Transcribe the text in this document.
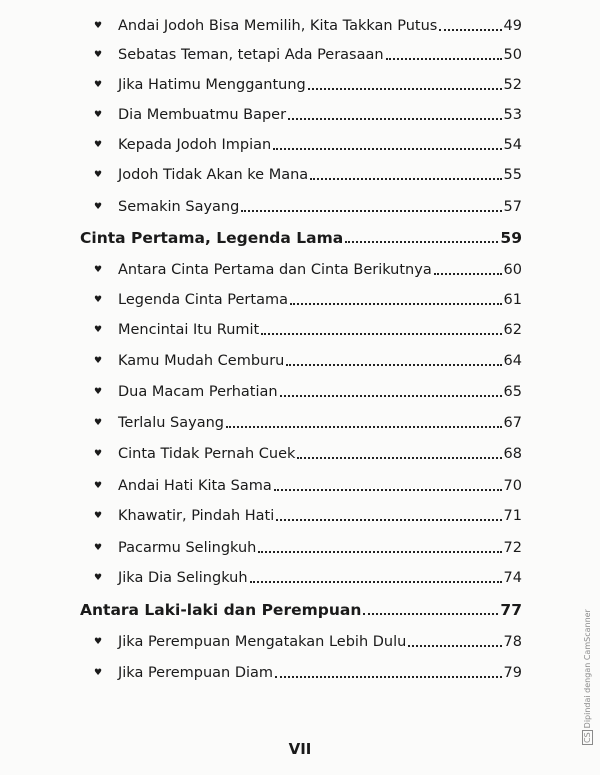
♥	Andai Jodoh Bisa Memilih, Kita Takkan Putus	49
♥	Sebatas Teman, tetapi Ada Perasaan	50
♥	Jika Hatimu Menggantung	52
♥	Dia Membuatmu Baper	53
♥	Kepada Jodoh Impian	54
♥	Jodoh Tidak Akan ke Mana	55
♥	Semakin Sayang	57
Cinta Pertama, Legenda Lama	59
♥	Antara Cinta Pertama dan Cinta Berikutnya	60
♥	Legenda Cinta Pertama	61
♥	Mencintai Itu Rumit	62
♥	Kamu Mudah Cemburu	64
♥	Dua Macam Perhatian	65
♥	Terlalu Sayang	67
♥	Cinta Tidak Pernah Cuek	68
♥	Andai Hati Kita Sama	70
♥	Khawatir, Pindah Hati	71
♥	Pacarmu Selingkuh	72
♥	Jika Dia Selingkuh	74
Antara Laki-laki dan Perempuan	77
♥	Jika Perempuan Mengatakan Lebih Dulu	78
♥	Jika Perempuan Diam	79
VII
CSDipindai dengan CamScanner
